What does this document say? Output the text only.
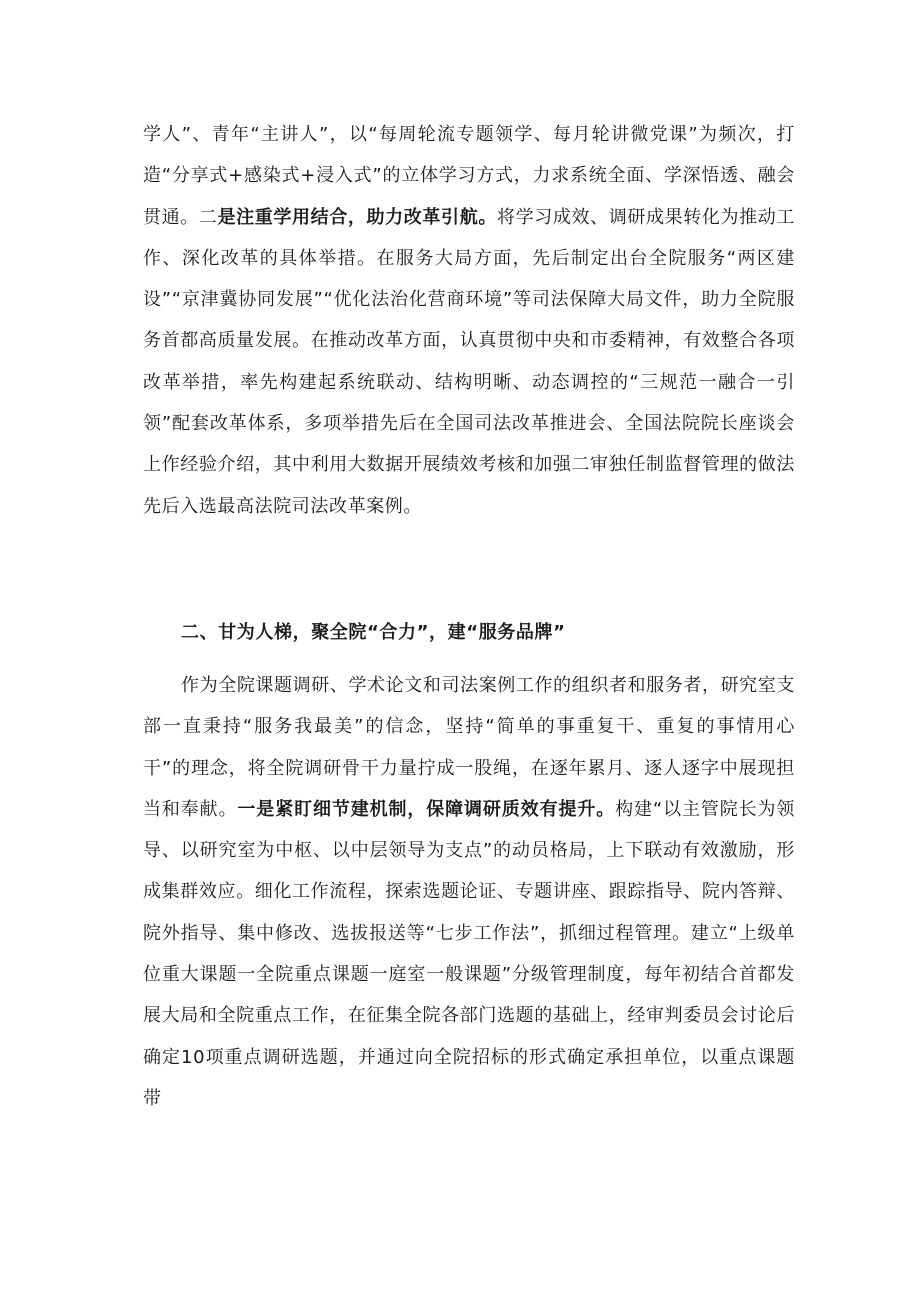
学人”、青年“主讲人”，以“每周轮流专题领学、每月轮讲微党课”为频次，打造“分享式+感染式+浸入式”的立体学习方式，力求系统全面、学深悟透、融会贯通。二是注重学用结合，助力改革引航。将学习成效、调研成果转化为推动工作、深化改革的具体举措。在服务大局方面，先后制定出台全院服务“两区建设”“京津冀协同发展”“优化法治化营商环境”等司法保障大局文件，助力全院服务首都高质量发展。在推动改革方面，认真贯彻中央和市委精神，有效整合各项改革举措，率先构建起系统联动、结构明晰、动态调控的“三规范一融合一引领”配套改革体系，多项举措先后在全国司法改革推进会、全国法院院长座谈会上作经验介绍，其中利用大数据开展绩效考核和加强二审独任制监督管理的做法先后入选最高法院司法改革案例。

二、甘为人梯，聚全院“合力”，建“服务品牌”

作为全院课题调研、学术论文和司法案例工作的组织者和服务者，研究室支部一直秉持“服务我最美”的信念，坚持“简单的事重复干、重复的事情用心干”的理念，将全院调研骨干力量拧成一股绳，在逐年累月、逐人逐字中展现担当和奉献。一是紧盯细节建机制，保障调研质效有提升。构建“以主管院长为领导、以研究室为中枢、以中层领导为支点”的动员格局，上下联动有效激励，形成集群效应。细化工作流程，探索选题论证、专题讲座、跟踪指导、院内答辩、院外指导、集中修改、选拔报送等“七步工作法”，抓细过程管理。建立“上级单位重大课题一全院重点课题一庭室一般课题”分级管理制度，每年初结合首都发展大局和全院重点工作，在征集全院各部门选题的基础上，经审判委员会讨论后确定10项重点调研选题，并通过向全院招标的形式确定承担单位，以重点课题带
